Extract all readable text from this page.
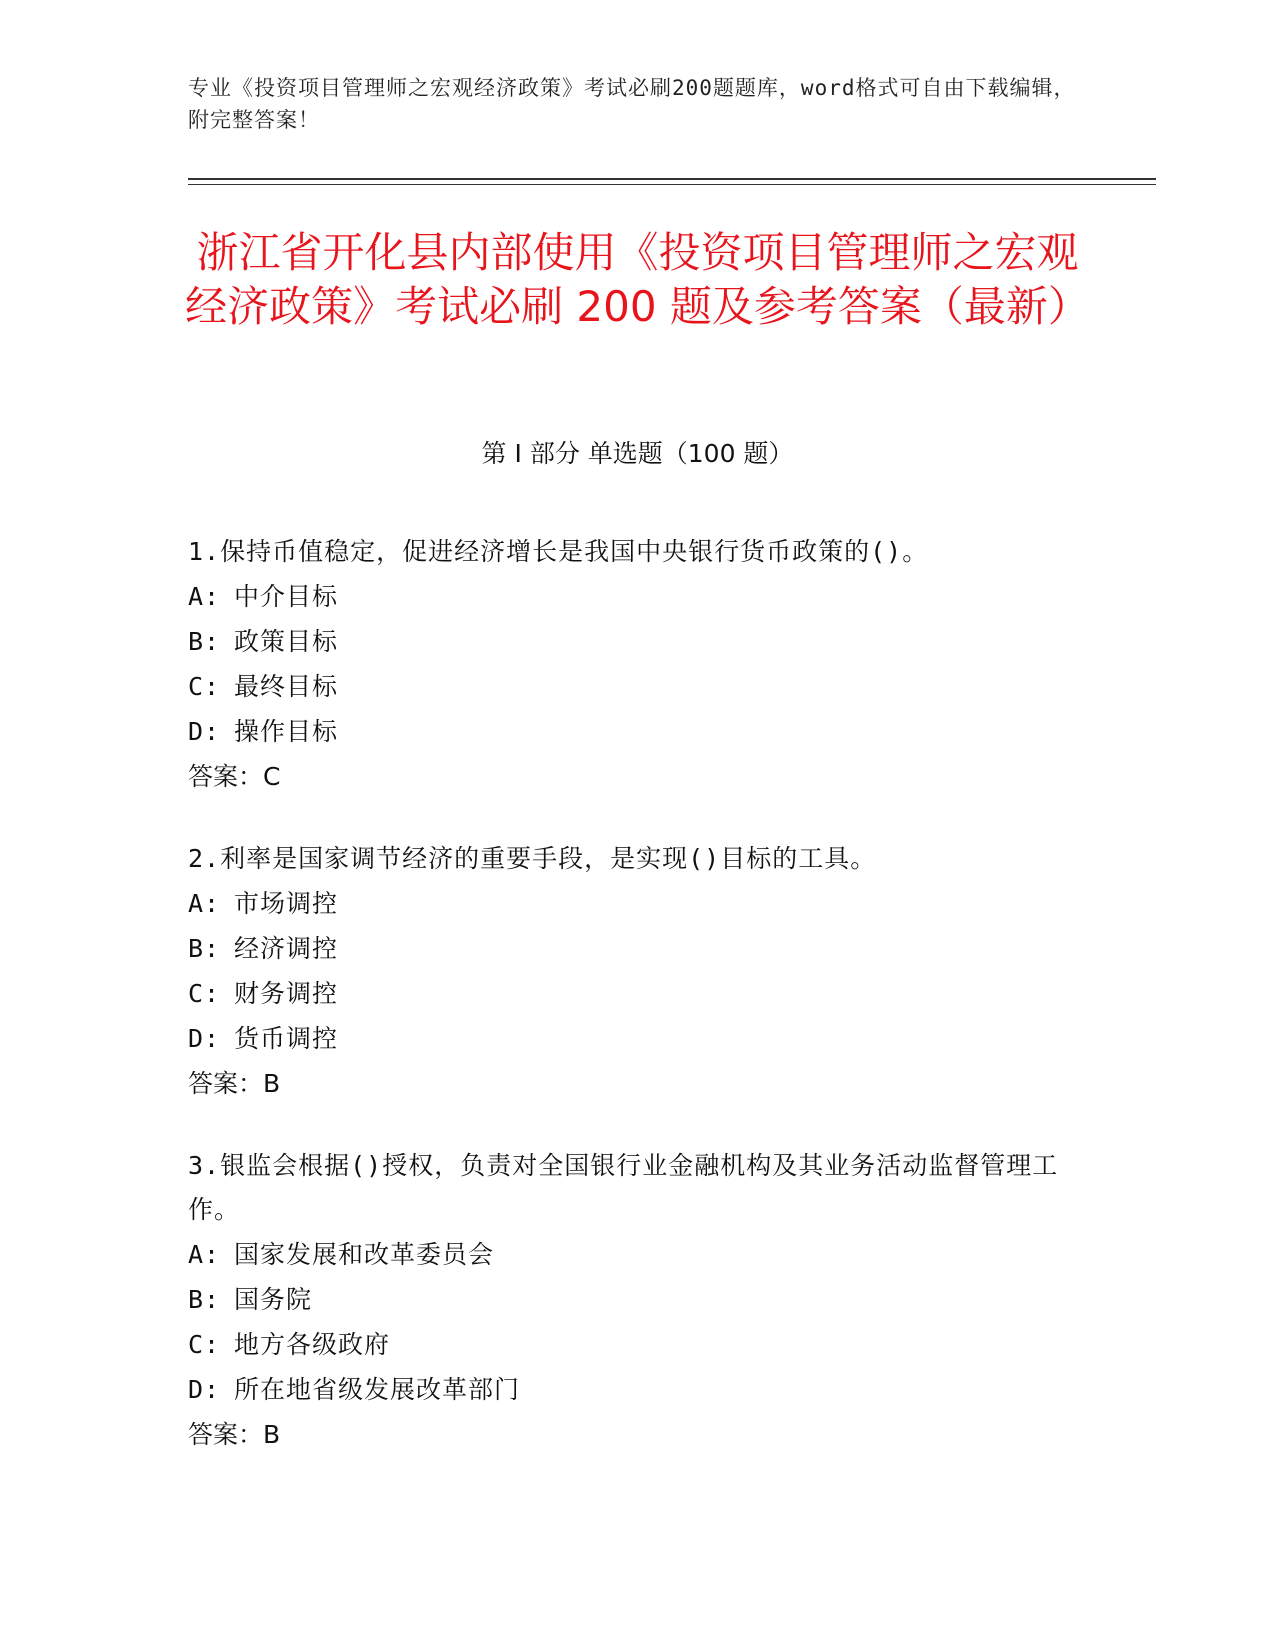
专业《投资项目管理师之宏观经济政策》考试必刷200题题库，word格式可自由下载编辑，附完整答案！
浙江省开化县内部使用《投资项目管理师之宏观经济政策》考试必刷 200 题及参考答案（最新）
第 I 部分 单选题（100 题）
1.保持币值稳定，促进经济增长是我国中央银行货币政策的()。
A: 中介目标
B: 政策目标
C: 最终目标
D: 操作目标
答案：C
2.利率是国家调节经济的重要手段，是实现()目标的工具。
A: 市场调控
B: 经济调控
C: 财务调控
D: 货币调控
答案：B
3.银监会根据()授权，负责对全国银行业金融机构及其业务活动监督管理工作。
A: 国家发展和改革委员会
B: 国务院
C: 地方各级政府
D: 所在地省级发展改革部门
答案：B
